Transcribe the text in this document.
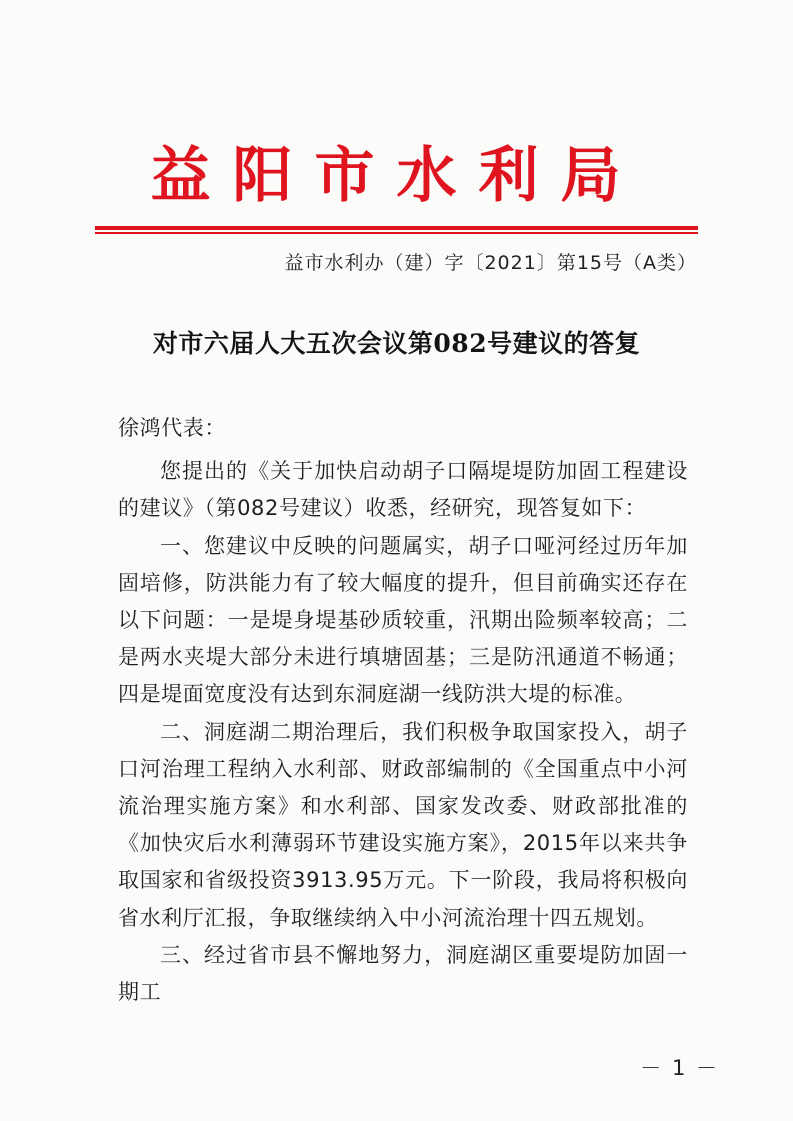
益阳市水利局
益市水利办（建）字〔2021〕第15号（A类）
对市六届人大五次会议第082号建议的答复

徐鸿代表：

您提出的《关于加快启动胡子口隔堤堤防加固工程建设的建议》（第082号建议）收悉，经研究，现答复如下：

一、您建议中反映的问题属实，胡子口哑河经过历年加固培修，防洪能力有了较大幅度的提升，但目前确实还存在以下问题：一是堤身堤基砂质较重，汛期出险频率较高；二是两水夹堤大部分未进行填塘固基；三是防汛通道不畅通；四是堤面宽度没有达到东洞庭湖一线防洪大堤的标准。

二、洞庭湖二期治理后，我们积极争取国家投入，胡子口河治理工程纳入水利部、财政部编制的《全国重点中小河流治理实施方案》和水利部、国家发改委、财政部批准的《加快灾后水利薄弱环节建设实施方案》，2015年以来共争取国家和省级投资3913.95万元。下一阶段，我局将积极向省水利厅汇报，争取继续纳入中小河流治理十四五规划。

三、经过省市县不懈地努力，洞庭湖区重要堤防加固一期工

－ 1 －
